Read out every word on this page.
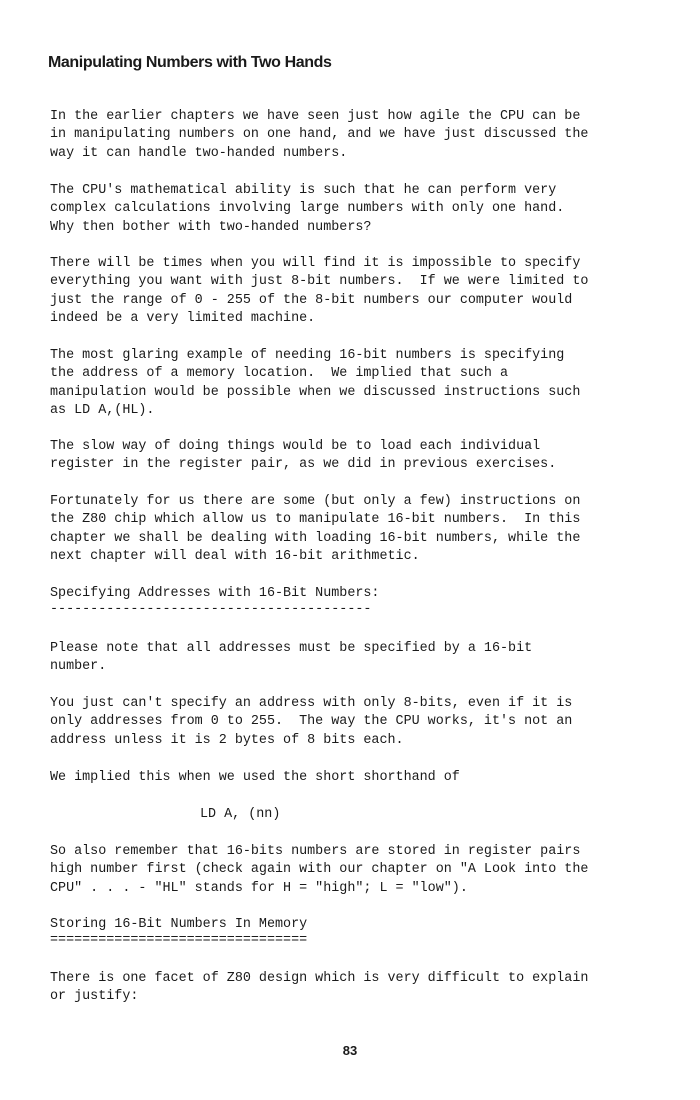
Manipulating Numbers with Two Hands

In the earlier chapters we have seen just how agile the CPU can be
in manipulating numbers on one hand, and we have just discussed the
way it can handle two-handed numbers.

The CPU's mathematical ability is such that he can perform very
complex calculations involving large numbers with only one hand.
Why then bother with two-handed numbers?

There will be times when you will find it is impossible to specify
everything you want with just 8-bit numbers.  If we were limited to
just the range of 0 - 255 of the 8-bit numbers our computer would
indeed be a very limited machine.

The most glaring example of needing 16-bit numbers is specifying
the address of a memory location.  We implied that such a
manipulation would be possible when we discussed instructions such
as LD A,(HL).

The slow way of doing things would be to load each individual
register in the register pair, as we did in previous exercises.

Fortunately for us there are some (but only a few) instructions on
the Z80 chip which allow us to manipulate 16-bit numbers.  In this
chapter we shall be dealing with loading 16-bit numbers, while the
next chapter will deal with 16-bit arithmetic.

Specifying Addresses with 16-Bit Numbers:

----------------------------------------

Please note that all addresses must be specified by a 16-bit
number.

You just can't specify an address with only 8-bits, even if it is
only addresses from 0 to 255.  The way the CPU works, it's not an
address unless it is 2 bytes of 8 bits each.

We implied this when we used the short shorthand of

LD A, (nn)

So also remember that 16-bits numbers are stored in register pairs
high number first (check again with our chapter on "A Look into the
CPU" . . . - "HL" stands for H = "high"; L = "low").

Storing 16-Bit Numbers In Memory

================================

There is one facet of Z80 design which is very difficult to explain
or justify:

83
